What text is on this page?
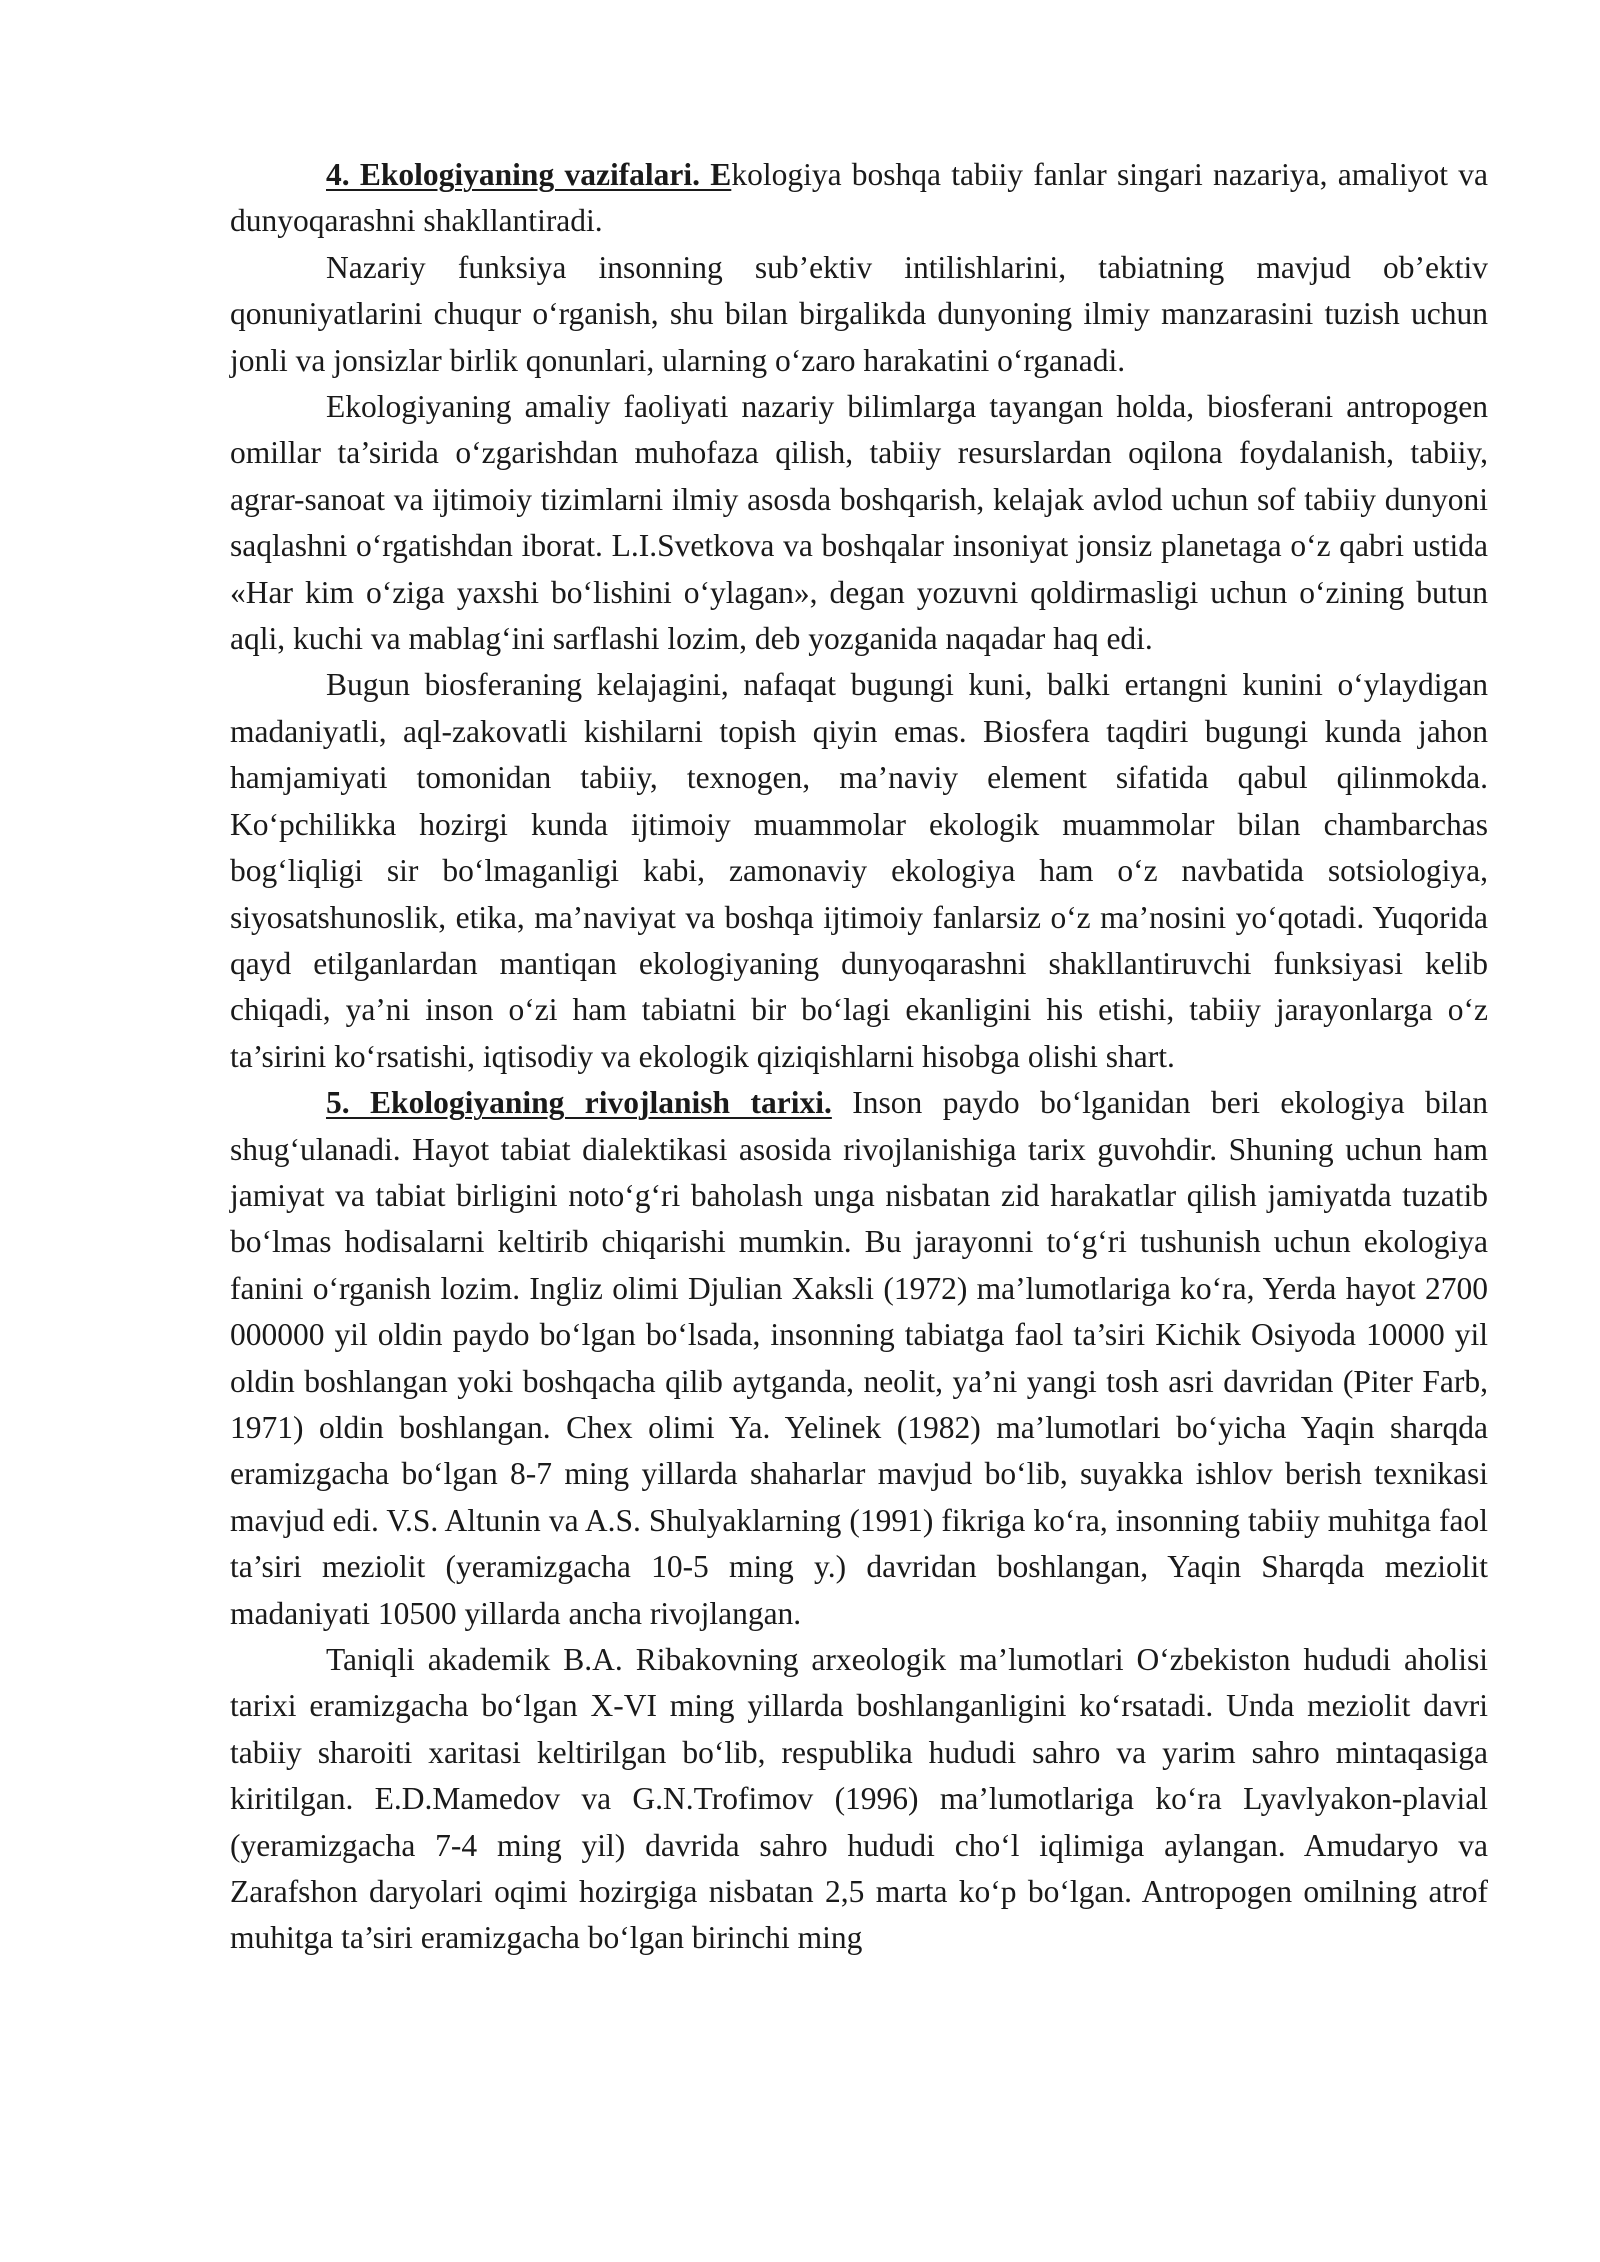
4. Ekologiyaning vazifalari. Ekologiya boshqa tabiiy fanlar singari nazariya, amaliyot va dunyoqarashni shakllantiradi.

Nazariy funksiya insonning sub’ektiv intilishlarini, tabiatning mavjud ob’ektiv qonuniyatlarini chuqur o‘rganish, shu bilan birgalikda dunyoning ilmiy manzarasini tuzish uchun jonli va jonsizlar birlik qonunlari, ularning o‘zaro harakatini o‘rganadi.

Ekologiyaning amaliy faoliyati nazariy bilimlarga tayangan holda, biosferani antropogen omillar ta’sirida o‘zgarishdan muhofaza qilish, tabiiy resurslardan oqilona foydalanish, tabiiy, agrar-sanoat va ijtimoiy tizimlarni ilmiy asosda boshqarish, kelajak avlod uchun sof tabiiy dunyoni saqlashni o‘rgatishdan iborat. L.I.Svetkova va boshqalar insoniyat jonsiz planetaga o‘z qabri ustida «Har kim o‘ziga yaxshi bo‘lishini o‘ylagan», degan yozuvni qoldirmasligi uchun o‘zining butun aqli, kuchi va mablag‘ini sarflashi lozim, deb yozganida naqadar haq edi.

Bugun biosferaning kelajagini, nafaqat bugungi kuni, balki ertangni kunini o‘ylaydigan madaniyatli, aql-zakovatli kishilarni topish qiyin emas. Biosfera taqdiri bugungi kunda jahon hamjamiyati tomonidan tabiiy, texnogen, ma’naviy element sifatida qabul qilinmokda. Ko‘pchilikka hozirgi kunda ijtimoiy muammolar ekologik muammolar bilan chambarchas bog‘liqligi sir bo‘lmaganligi kabi, zamonaviy ekologiya ham o‘z navbatida sotsiologiya, siyosatshunoslik, etika, ma’naviyat va boshqa ijtimoiy fanlarsiz o‘z ma’nosini yo‘qotadi. Yuqorida qayd etilganlardan mantiqan ekologiyaning dunyoqarashni shakllantiruvchi funksiyasi kelib chiqadi, ya’ni inson o‘zi ham tabiatni bir bo‘lagi ekanligini his etishi, tabiiy jarayonlarga o‘z ta’sirini ko‘rsatishi, iqtisodiy va ekologik qiziqishlarni hisobga olishi shart.

5. Ekologiyaning rivojlanish tarixi. Inson paydo bo‘lganidan beri ekologiya bilan shug‘ulanadi. Hayot tabiat dialektikasi asosida rivojlanishiga tarix guvohdir. Shuning uchun ham jamiyat va tabiat birligini noto‘g‘ri baholash unga nisbatan zid harakatlar qilish jamiyatda tuzatib bo‘lmas hodisalarni keltirib chiqarishi mumkin. Bu jarayonni to‘g‘ri tushunish uchun ekologiya fanini o‘rganish lozim. Ingliz olimi Djulian Xaksli (1972) ma’lumotlariga ko‘ra, Yerda hayot 2700 000000 yil oldin paydo bo‘lgan bo‘lsada, insonning tabiatga faol ta’siri Kichik Osiyoda 10000 yil oldin boshlangan yoki boshqacha qilib aytganda, neolit, ya’ni yangi tosh asri davridan (Piter Farb, 1971) oldin boshlangan. Chex olimi Ya. Yelinek (1982) ma’lumotlari bo‘yicha Yaqin sharqda eramizgacha bo‘lgan 8-7 ming yillarda shaharlar mavjud bo‘lib, suyakka ishlov berish texnikasi mavjud edi. V.S. Altunin va A.S. Shulyaklarning (1991) fikriga ko‘ra, insonning tabiiy muhitga faol ta’siri meziolit (yeramizgacha 10-5 ming y.) davridan boshlangan, Yaqin Sharqda meziolit madaniyati 10500 yillarda ancha rivojlangan.

Taniqli akademik B.A. Ribakovning arxeologik ma’lumotlari O‘zbekiston hududi aholisi tarixi eramizgacha bo‘lgan X-VI ming yillarda boshlanganligini ko‘rsatadi. Unda meziolit davri tabiiy sharoiti xaritasi keltirilgan bo‘lib, respublika hududi sahro va yarim sahro mintaqasiga kiritilgan. E.D.Mamedov va G.N.Trofimov (1996) ma’lumotlariga ko‘ra Lyavlyakon-plavial (yeramizgacha 7-4 ming yil) davrida sahro hududi cho‘l iqlimiga aylangan. Amudaryo va Zarafshon daryolari oqimi hozirgiga nisbatan 2,5 marta ko‘p bo‘lgan. Antropogen omilning atrof muhitga ta’siri eramizgacha bo‘lgan birinchi ming
